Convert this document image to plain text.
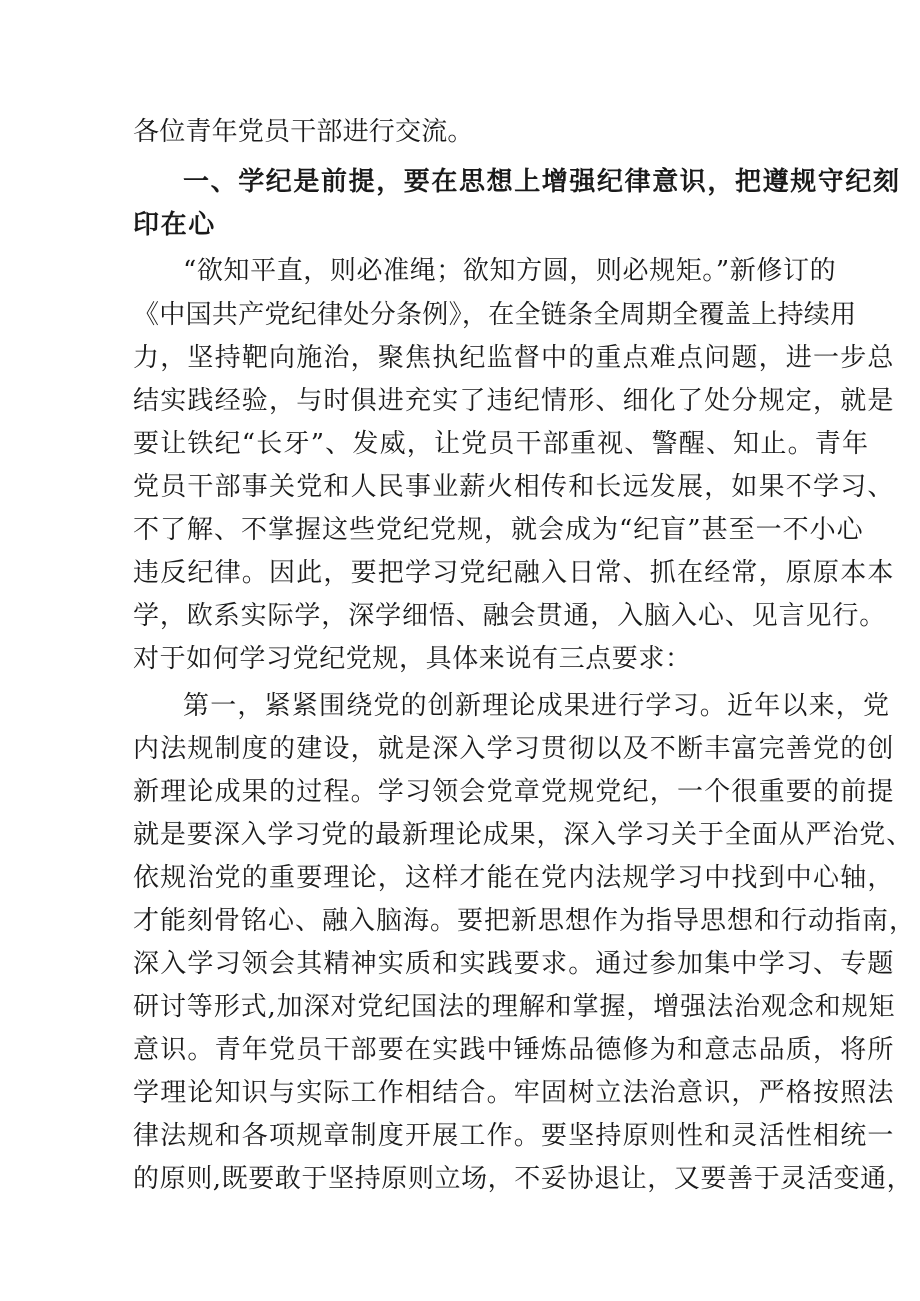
各位青年党员干部进行交流。
一、学纪是前提，要在思想上增强纪律意识，把遵规守纪刻
印在心
“欲知平直，则必准绳；欲知方圆，则必规矩。”新修订的
《中国共产党纪律处分条例》，在全链条全周期全覆盖上持续用
力，坚持靶向施治，聚焦执纪监督中的重点难点问题，进一步总
结实践经验，与时俱进充实了违纪情形、细化了处分规定，就是
要让铁纪“长牙”、发威，让党员干部重视、警醒、知止。青年
党员干部事关党和人民事业薪火相传和长远发展，如果不学习、
不了解、不掌握这些党纪党规，就会成为“纪盲”甚至一不小心
违反纪律。因此，要把学习党纪融入日常、抓在经常，原原本本
学，欧系实际学，深学细悟、融会贯通，入脑入心、见言见行。
对于如何学习党纪党规，具体来说有三点要求：
第一，紧紧围绕党的创新理论成果进行学习。近年以来，党
内法规制度的建设，就是深入学习贯彻以及不断丰富完善党的创
新理论成果的过程。学习领会党章党规党纪，一个很重要的前提
就是要深入学习党的最新理论成果，深入学习关于全面从严治党、
依规治党的重要理论，这样才能在党内法规学习中找到中心轴，
才能刻骨铭心、融入脑海。要把新思想作为指导思想和行动指南，
深入学习领会其精神实质和实践要求。通过参加集中学习、专题
研讨等形式,加深对党纪国法的理解和掌握，增强法治观念和规矩
意识。青年党员干部要在实践中锤炼品德修为和意志品质，将所
学理论知识与实际工作相结合。牢固树立法治意识，严格按照法
律法规和各项规章制度开展工作。要坚持原则性和灵活性相统一
的原则,既要敢于坚持原则立场，不妥协退让，又要善于灵活变通，
